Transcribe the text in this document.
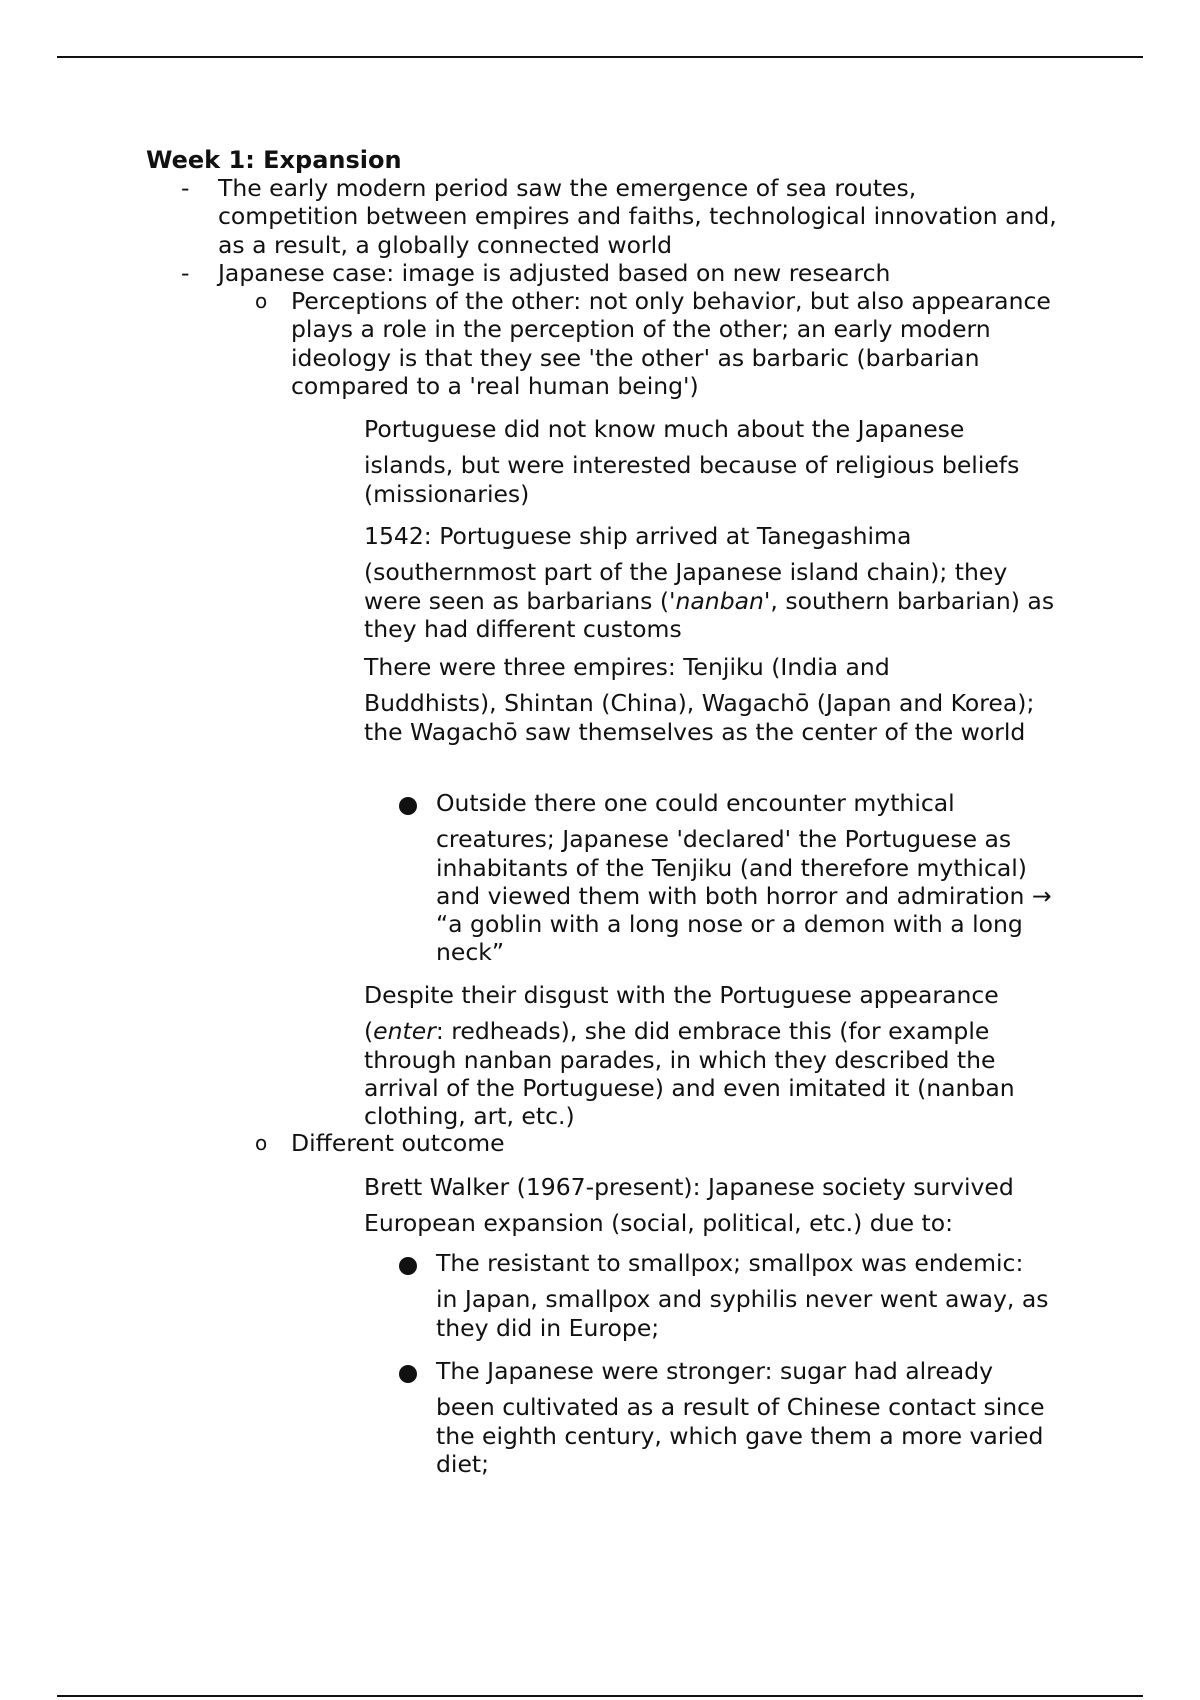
Week 1: Expansion
- The early modern period saw the emergence of sea routes, competition between empires and faiths, technological innovation and, as a result, a globally connected world

- Japanese case: image is adjusted based on new research

o Perceptions of the other: not only behavior, but also appearance plays a role in the perception of the other; an early modern ideology is that they see 'the other' as barbaric (barbarian compared to a 'real human being')

Portuguese did not know much about the Japanese
islands, but were interested because of religious beliefs (missionaries)

1542: Portuguese ship arrived at Tanegashima
(southernmost part of the Japanese island chain); they were seen as barbarians ('nanban', southern barbarian) as they had different customs

There were three empires: Tenjiku (India and
Buddhists), Shintan (China), Wagachō (Japan and Korea); the Wagachō saw themselves as the center of the world

Outside there one could encounter mythical
creatures; Japanese 'declared' the Portuguese as inhabitants of the Tenjiku (and therefore mythical) and viewed them with both horror and admiration → “a goblin with a long nose or a demon with a long neck”

Despite their disgust with the Portuguese appearance
(enter: redheads), she did embrace this (for example through nanban parades, in which they described the arrival of the Portuguese) and even imitated it (nanban clothing, art, etc.)

o Different outcome

Brett Walker (1967-present): Japanese society survived
European expansion (social, political, etc.) due to:

The resistant to smallpox; smallpox was endemic:
in Japan, smallpox and syphilis never went away, as they did in Europe;

The Japanese were stronger: sugar had already
been cultivated as a result of Chinese contact since the eighth century, which gave them a more varied diet;
